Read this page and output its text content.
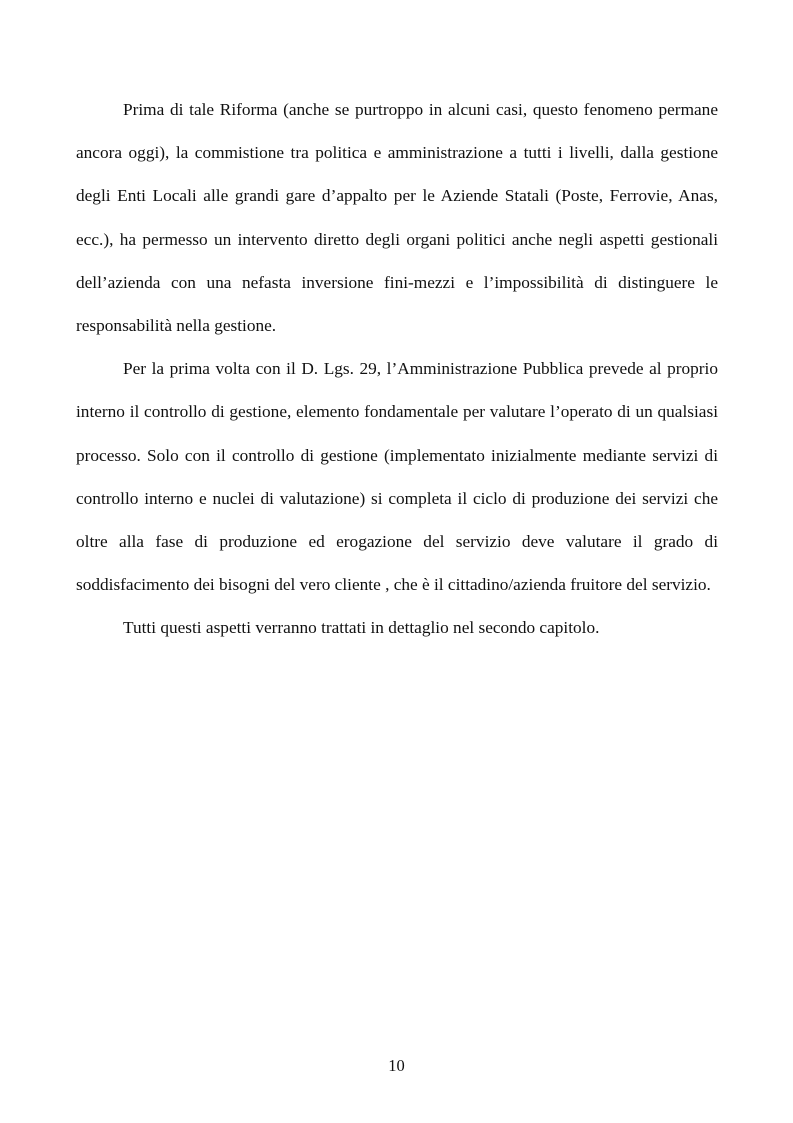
Prima di tale Riforma (anche se purtroppo in alcuni casi, questo fenomeno permane ancora oggi), la commistione tra politica e amministrazione a tutti i livelli, dalla gestione degli Enti Locali alle grandi gare d’appalto per le Aziende Statali (Poste, Ferrovie, Anas, ecc.), ha permesso un intervento diretto degli organi politici anche negli aspetti gestionali dell’azienda con una nefasta inversione fini-mezzi e l’impossibilità di distinguere le responsabilità nella gestione.

Per la prima volta con il D. Lgs. 29, l’Amministrazione Pubblica prevede al proprio interno il controllo di gestione, elemento fondamentale per valutare l’operato di un qualsiasi processo. Solo con il controllo di gestione (implementato inizialmente mediante servizi di controllo interno e nuclei di valutazione) si completa il ciclo di produzione dei servizi che oltre alla fase di produzione ed erogazione del servizio deve valutare il grado di soddisfacimento dei bisogni del vero cliente , che è il cittadino/azienda fruitore del servizio.

Tutti questi aspetti verranno trattati in dettaglio nel secondo capitolo.

10
